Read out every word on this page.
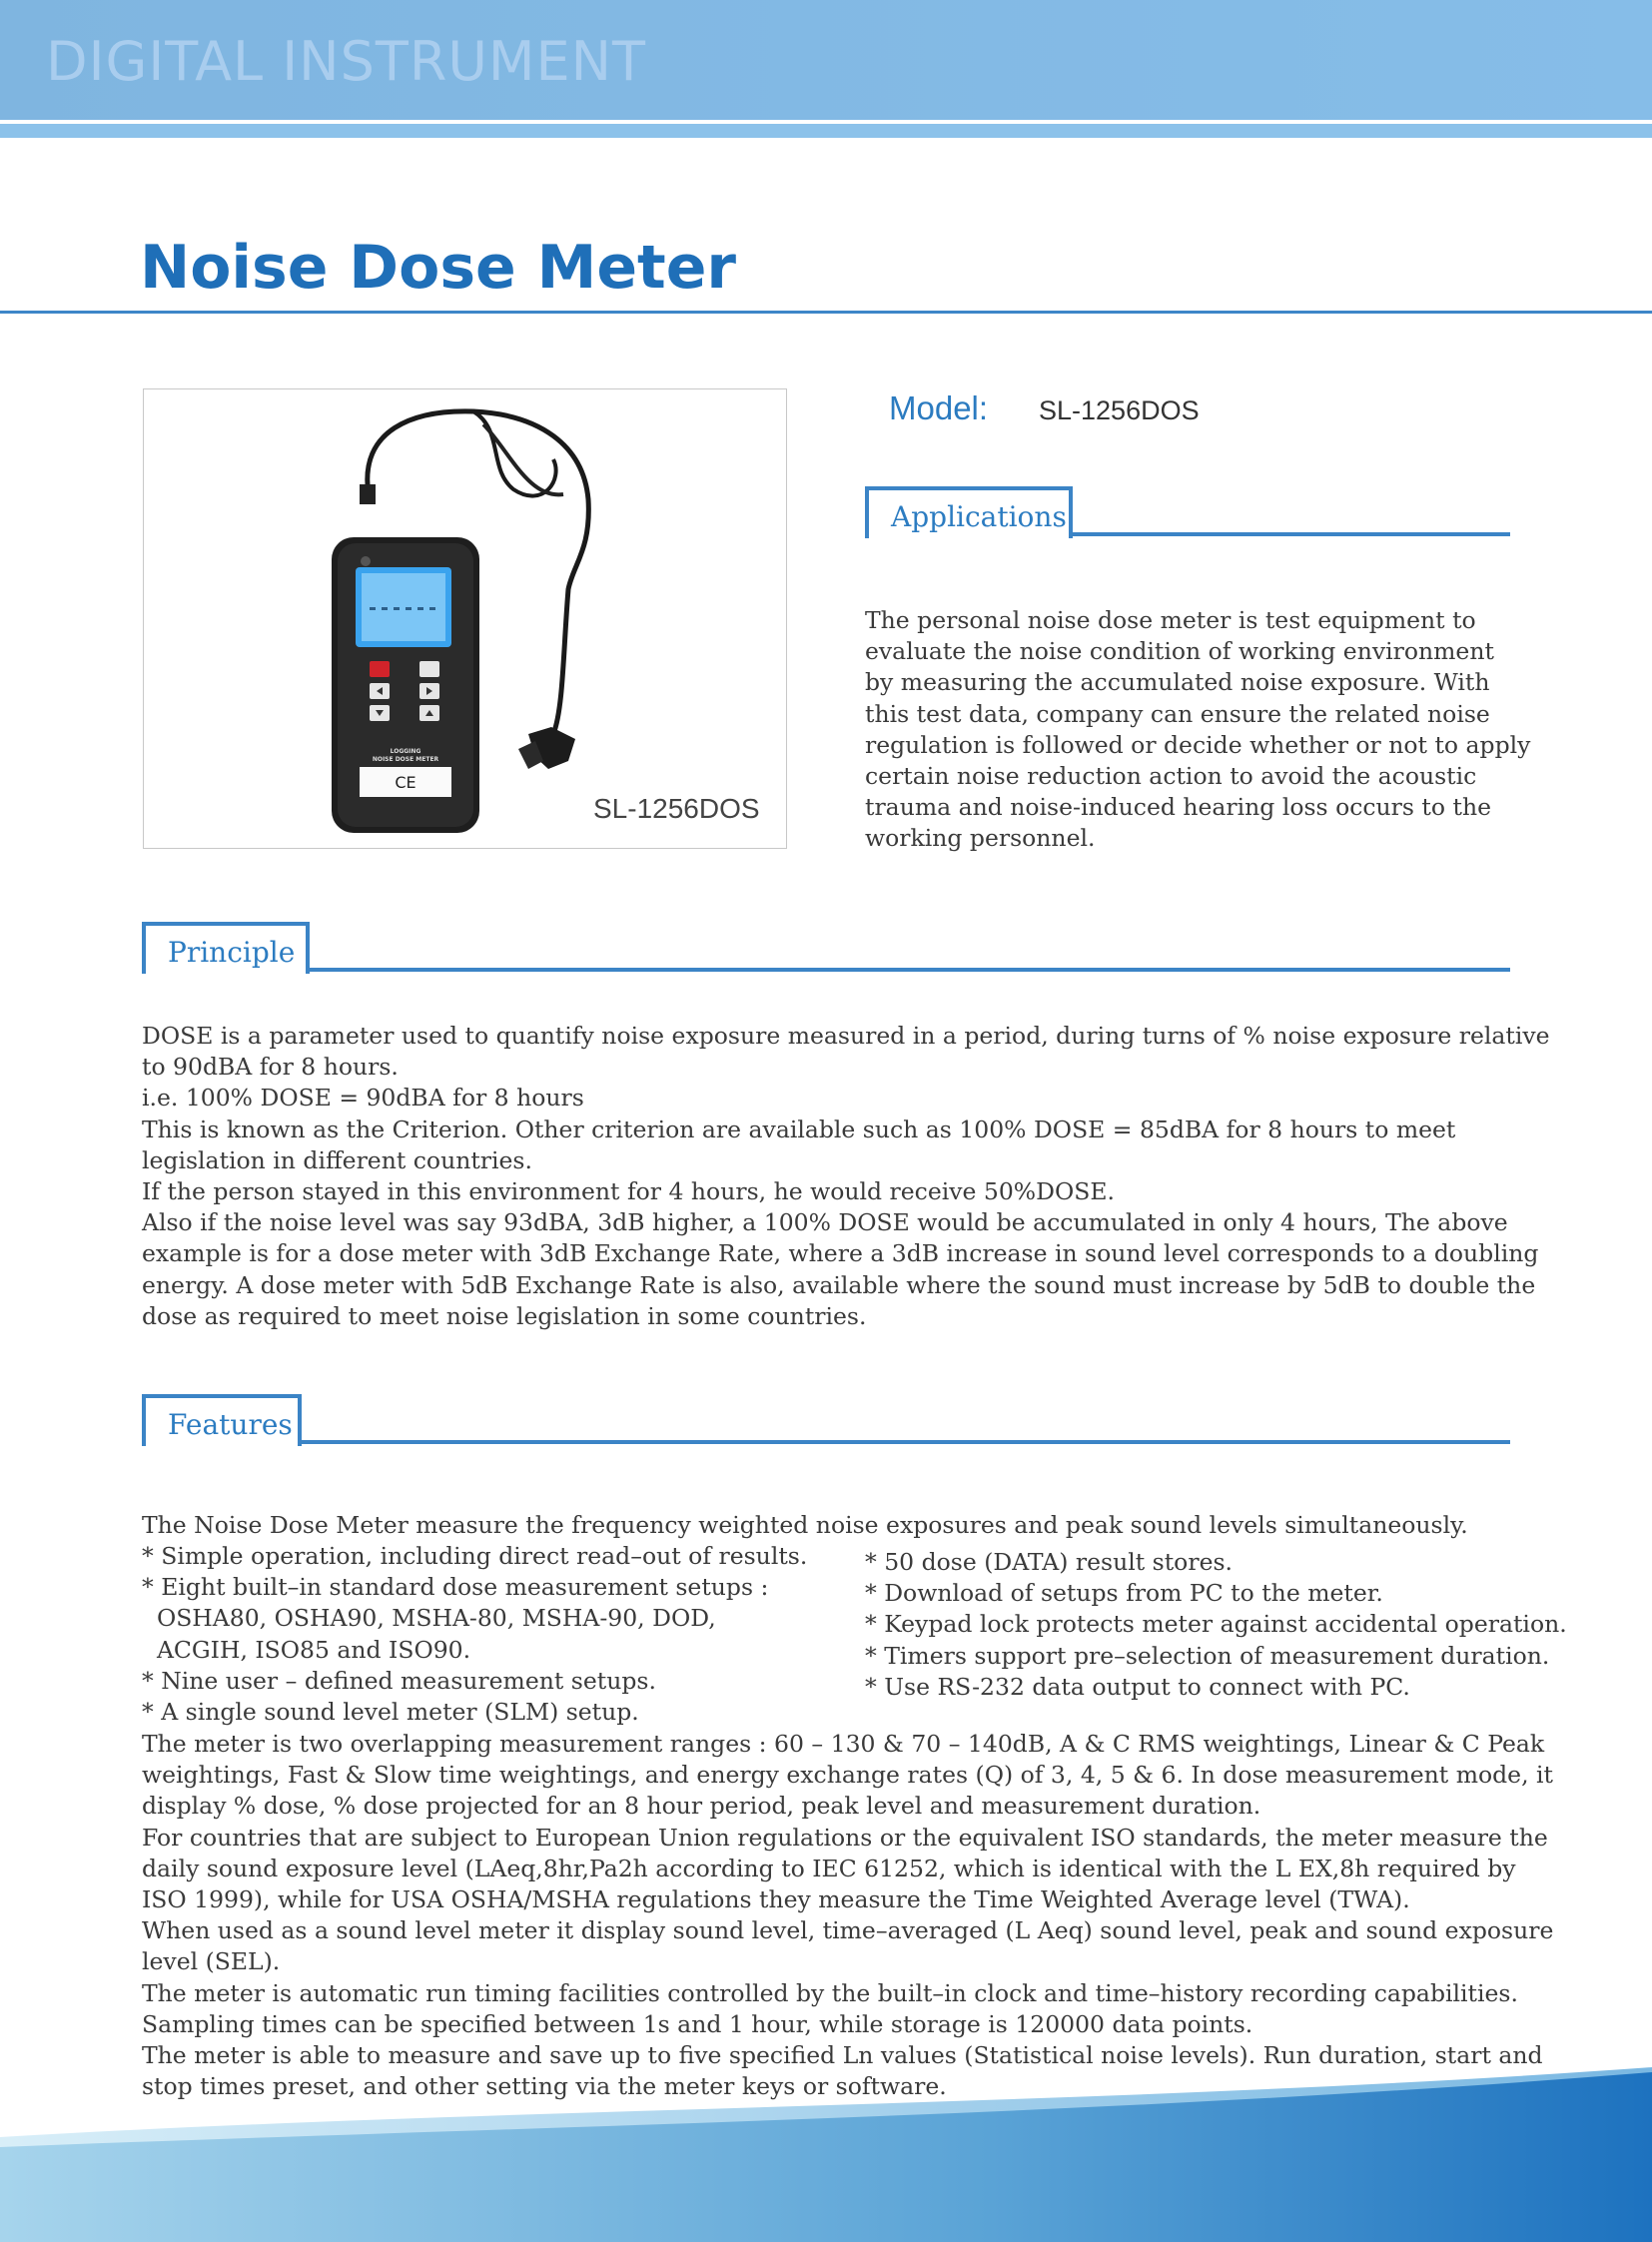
DIGITAL INSTRUMENT
Noise Dose Meter
LOGGING
NOISE DOSE METER
CE
SL-1256DOS
Model: SL-1256DOS
Applications
The personal noise dose meter is test equipment to
evaluate the noise condition of working environment
by measuring the accumulated noise exposure. With
this test data, company can ensure the related noise
regulation is followed or decide whether or not to apply
certain noise reduction action to avoid the acoustic
trauma and noise-induced hearing loss occurs to the
working personnel.
Principle
DOSE is a parameter used to quantify noise exposure measured in a period, during turns of % noise exposure relative
to 90dBA for 8 hours.
i.e. 100% DOSE = 90dBA for 8 hours
This is known as the Criterion. Other criterion are available such as 100% DOSE = 85dBA for 8 hours to meet
legislation in different countries.
If the person stayed in this environment for 4 hours, he would receive 50%DOSE.
Also if the noise level was say 93dBA, 3dB higher, a 100% DOSE would be accumulated in only 4 hours, The above
example is for a dose meter with 3dB Exchange Rate, where a 3dB increase in sound level corresponds to a doubling
energy. A dose meter with 5dB Exchange Rate is also, available where the sound must increase by 5dB to double the
dose as required to meet noise legislation in some countries.
Features
The Noise Dose Meter measure the frequency weighted noise exposures and peak sound levels simultaneously.
* Simple operation, including direct read–out of results.
* Eight built–in standard dose measurement setups :
OSHA80, OSHA90, MSHA-80, MSHA-90, DOD,
ACGIH, ISO85 and ISO90.
* Nine user – defined measurement setups.
* A single sound level meter (SLM) setup.
* 50 dose (DATA) result stores.
* Download of setups from PC to the meter.
* Keypad lock protects meter against accidental operation.
* Timers support pre–selection of measurement duration.
* Use RS-232 data output to connect with PC.
The meter is two overlapping measurement ranges : 60 – 130 & 70 – 140dB, A & C RMS weightings, Linear & C Peak
weightings, Fast & Slow time weightings, and energy exchange rates (Q) of 3, 4, 5 & 6. In dose measurement mode, it
display % dose, % dose projected for an 8 hour period, peak level and measurement duration.
For countries that are subject to European Union regulations or the equivalent ISO standards, the meter measure the
daily sound exposure level (LAeq,8hr,Pa2h according to IEC 61252, which is identical with the L EX,8h required by
ISO 1999), while for USA OSHA/MSHA regulations they measure the Time Weighted Average level (TWA).
When used as a sound level meter it display sound level, time–averaged (L Aeq) sound level, peak and sound exposure
level (SEL).
The meter is automatic run timing facilities controlled by the built–in clock and time–history recording capabilities.
Sampling times can be specified between 1s and 1 hour, while storage is 120000 data points.
The meter is able to measure and save up to five specified Ln values (Statistical noise levels). Run duration, start and
stop times preset, and other setting via the meter keys or software.
